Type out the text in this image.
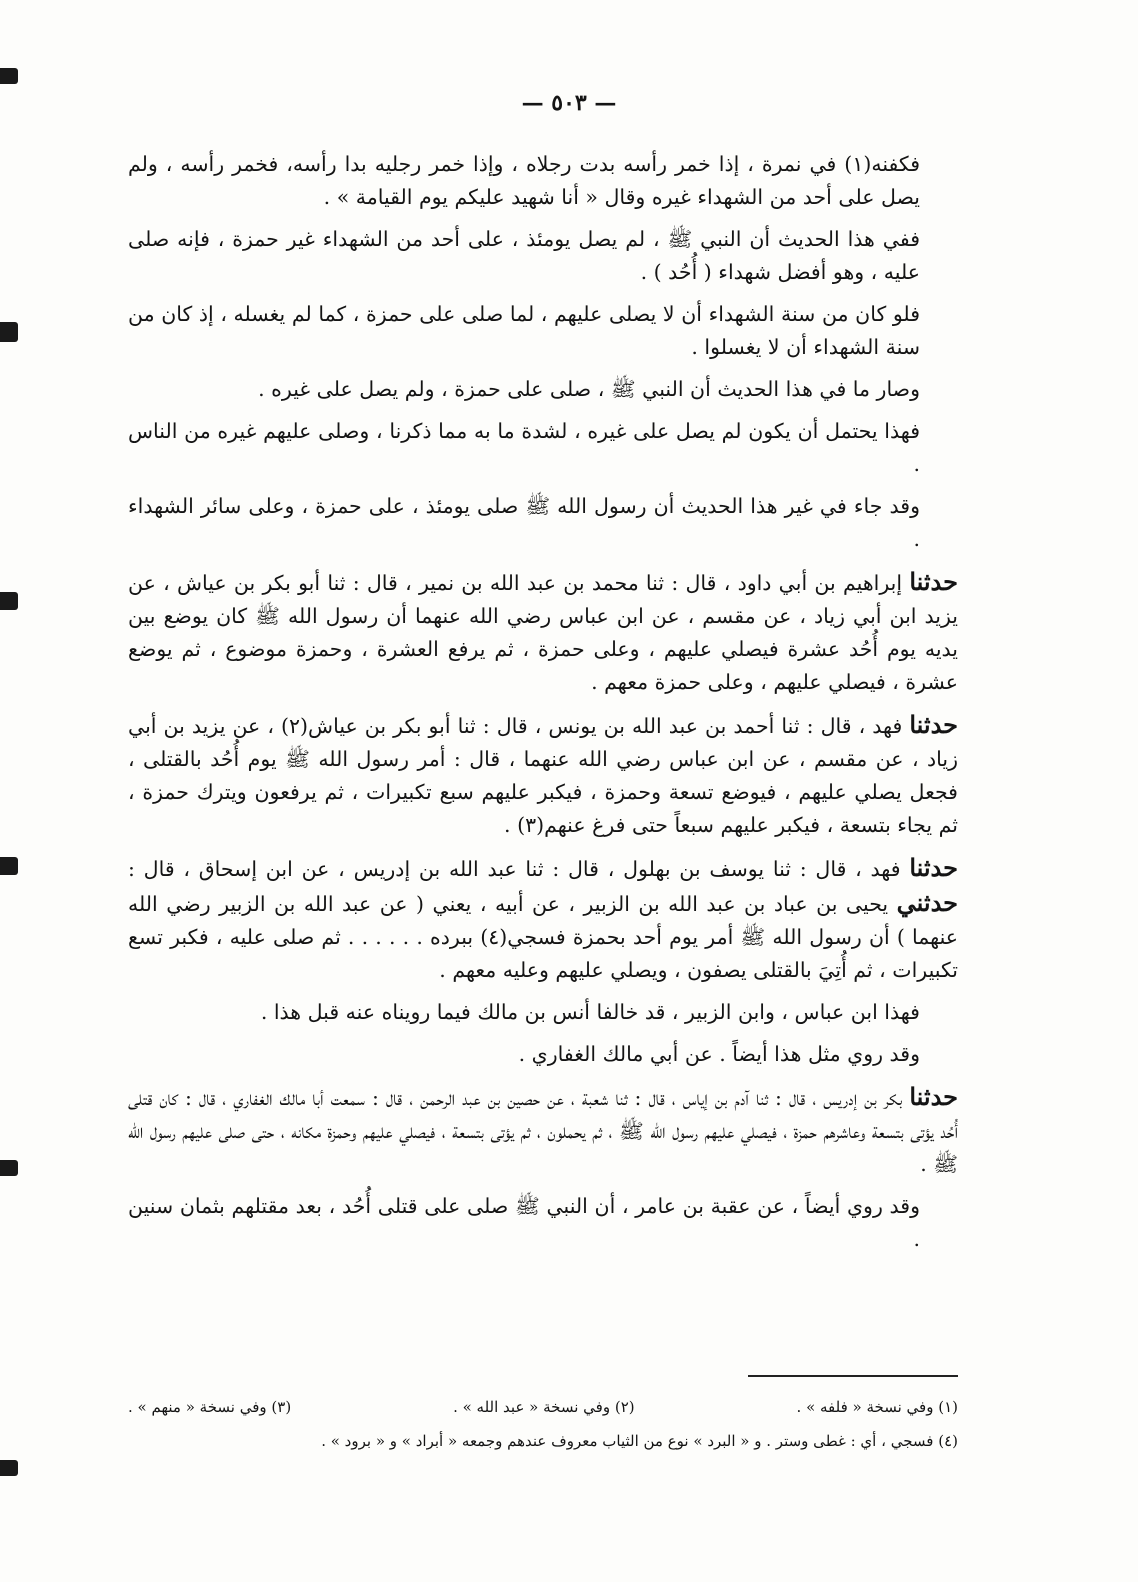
— ٥٠٣ —

فكفنه(١) في نمرة ، إذا خمر رأسه بدت رجلاه ، وإذا خمر رجليه بدا رأسه، فخمر رأسه ، ولم يصل على أحد من الشهداء غيره وقال « أنا شهيد عليكم يوم القيامة » .

ففي هذا الحديث أن النبي ﷺ ، لم يصل يومئذ ، على أحد من الشهداء غير حمزة ، فإنه صلى عليه ، وهو أفضل شهداء ( أُحُد ) .

فلو كان من سنة الشهداء أن لا يصلى عليهم ، لما صلى على حمزة ، كما لم يغسله ، إذ كان من سنة الشهداء أن لا يغسلوا .

وصار ما في هذا الحديث أن النبي ﷺ ، صلى على حمزة ، ولم يصل على غيره .

فهذا يحتمل أن يكون لم يصل على غيره ، لشدة ما به مما ذكرنا ، وصلى عليهم غيره من الناس .

وقد جاء في غير هذا الحديث أن رسول الله ﷺ صلى يومئذ ، على حمزة ، وعلى سائر الشهداء .

حدثنا إبراهيم بن أبي داود ، قال : ثنا محمد بن عبد الله بن نمير ، قال : ثنا أبو بكر بن عياش ، عن يزيد ابن أبي زياد ، عن مقسم ، عن ابن عباس رضي الله عنهما أن رسول الله ﷺ كان يوضع بين يديه يوم أُحُد عشرة فيصلي عليهم ، وعلى حمزة ، ثم يرفع العشرة ، وحمزة موضوع ، ثم يوضع عشرة ، فيصلي عليهم ، وعلى حمزة معهم .

حدثنا فهد ، قال : ثنا أحمد بن عبد الله بن يونس ، قال : ثنا أبو بكر بن عياش(٢) ، عن يزيد بن أبي زياد ، عن مقسم ، عن ابن عباس رضي الله عنهما ، قال : أمر رسول الله ﷺ يوم أُحُد بالقتلى ، فجعل يصلي عليهم ، فيوضع تسعة وحمزة ، فيكبر عليهم سبع تكبيرات ، ثم يرفعون ويترك حمزة ، ثم يجاء بتسعة ، فيكبر عليهم سبعاً حتى فرغ عنهم(٣) .

حدثنا فهد ، قال : ثنا يوسف بن بهلول ، قال : ثنا عبد الله بن إدريس ، عن ابن إسحاق ، قال : حدثني يحيى بن عباد بن عبد الله بن الزبير ، عن أبيه ، يعني ( عن عبد الله بن الزبير رضي الله عنهما ) أن رسول الله ﷺ أمر يوم أحد بحمزة فسجي(٤) ببرده . . . . . . ثم صلى عليه ، فكبر تسع تكبيرات ، ثم أُتِيَ بالقتلى يصفون ، ويصلي عليهم وعليه معهم .

فهذا ابن عباس ، وابن الزبير ، قد خالفا أنس بن مالك فيما رويناه عنه قبل هذا .

وقد روي مثل هذا أيضاً . عن أبي مالك الغفاري .

حدثنا بكر بن إدريس ، قال : ثنا آدم بن إياس ، قال : ثنا شعبة ، عن حصين بن عبد الرحمن ، قال : سمعت أبا مالك الغفاري ، قال : كان قتلى أُحُد يؤتى بتسعة وعاشرهم حمزة ، فيصلي عليهم رسول الله ﷺ ، ثم يحملون ، ثم يؤتى بتسعة ، فيصلي عليهم وحمزة مكانه ، حتى صلى عليهم رسول الله ﷺ .

وقد روي أيضاً ، عن عقبة بن عامر ، أن النبي ﷺ صلى على قتلى أُحُد ، بعد مقتلهم بثمان سنين .

(١) وفي نسخة « فلفه » .
(٢) وفي نسخة « عبد الله » .
(٣) وفي نسخة « منهم » .
(٤) فسجي ، أي : غطى وستر . و « البرد » نوع من الثياب معروف عندهم وجمعه « أبراد » و « برود » .
